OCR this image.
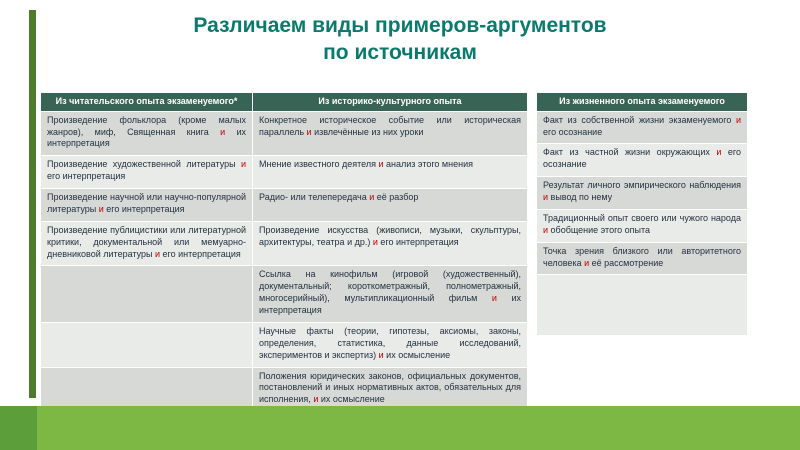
Различаем виды примеров-аргументов
по источникам
Из читательского опыта экзаменуемого*	Из историко-культурного опыта
Произведение фольклора (кроме малых жанров), миф, Священная книга и их интерпретация	Конкретное историческое событие или историческая параллель и извлечённые из них уроки
Произведение художественной литературы и его интерпретация	Мнение известного деятеля и анализ этого мнения
Произведение научной или научно-популярной литературы и его интерпретация	Радио- или телепередача и её разбор
Произведение публицистики или литературной критики, документальной или мемуарно-дневниковой литературы и его интерпретация	Произведение искусства (живописи, музыки, скульптуры, архитектуры, театра и др.) и его интерпретация
	Ссылка на кинофильм (игровой (художественный), документальный; короткометражный, полнометражный, многосерийный), мультипликационный фильм и их интерпретация
	Научные факты (теории, гипотезы, аксиомы, законы, определения, статистика, данные исследований, экспериментов и экспертиз) и их осмысление
	Положения юридических законов, официальных документов, постановлений и иных нормативных актов, обязательных для исполнения, и их осмысление
Из жизненного опыта экзаменуемого
Факт из собственной жизни экзаменуемого и его осознание
Факт из частной жизни окружающих и его осознание
Результат личного эмпирического наблюдения и вывод по нему
Традиционный опыт своего или чужого народа и обобщение этого опыта
Точка зрения близкого или авторитетного человека и её рассмотрение
